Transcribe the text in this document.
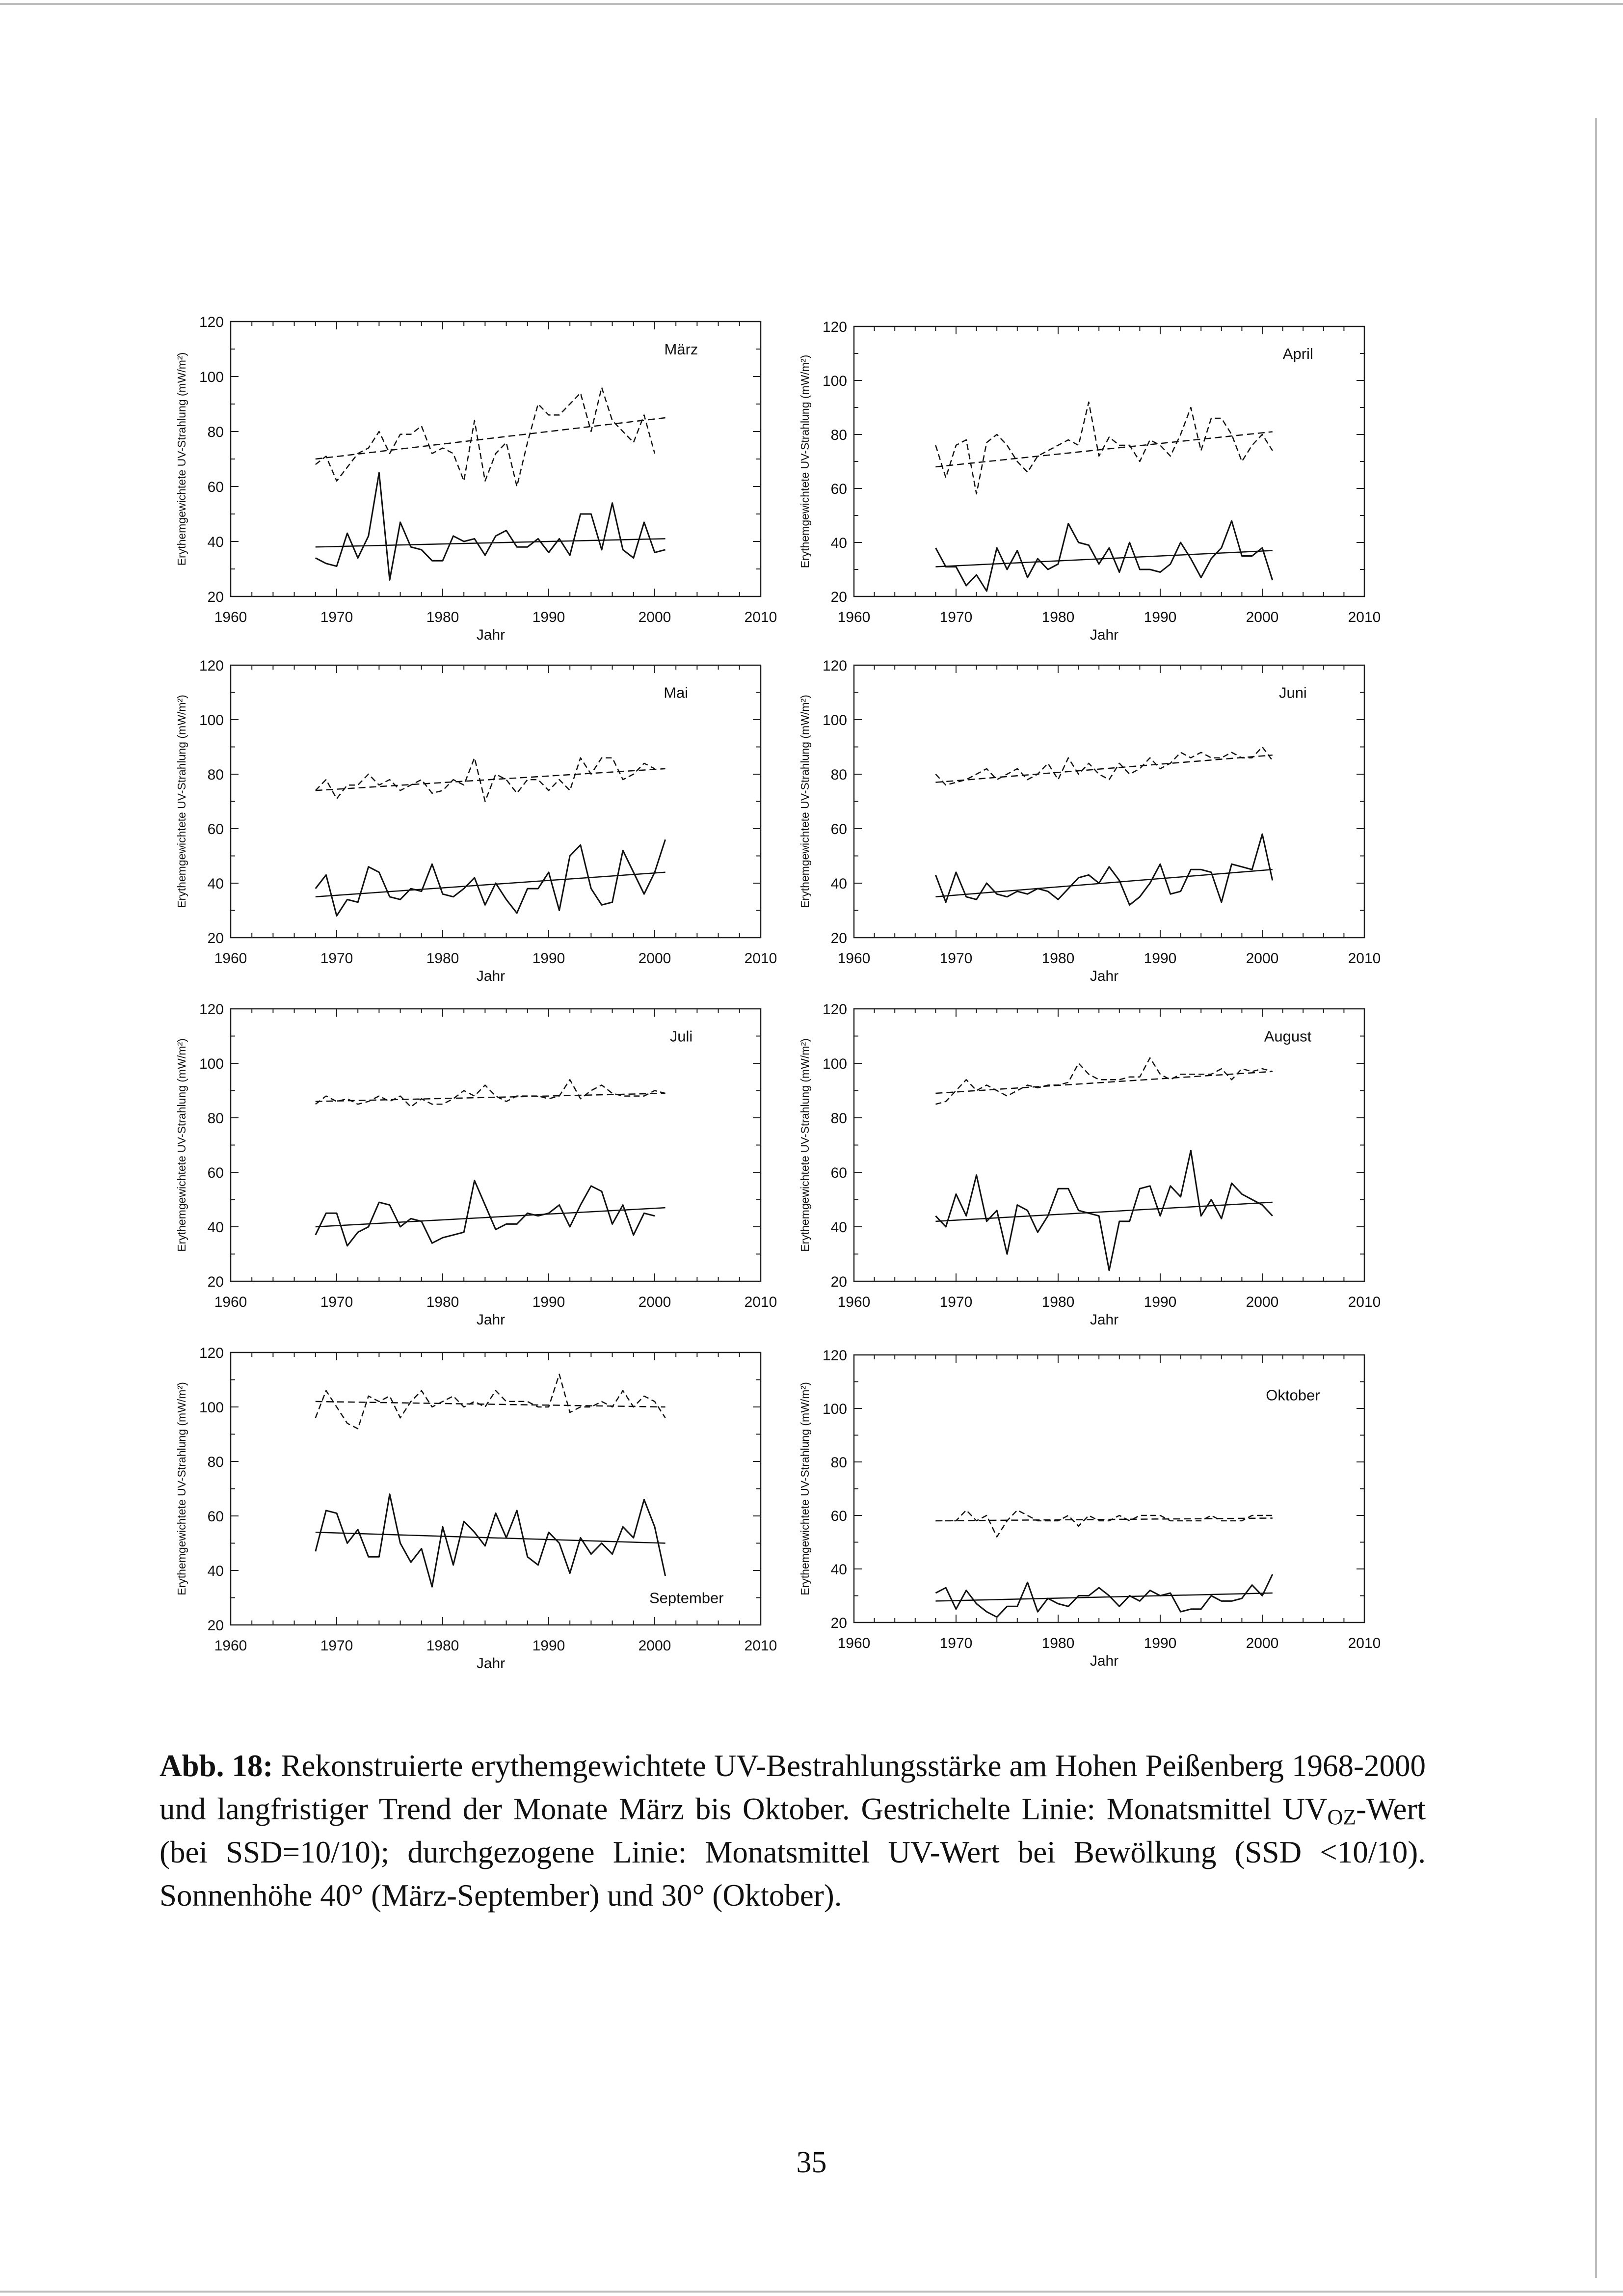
1960	1970	1980	1990	2000	2010
20
40
60
80
100
120
Jahr
Erythemgewichtete UV-Strahlung (mW/m²)
März
1960	1970	1980	1990	2000	2010
20
40
60
80
100
120
Jahr
Erythemgewichtete UV-Strahlung (mW/m²)
April
1960	1970	1980	1990	2000	2010
20
40
60
80
100
120
Jahr
Erythemgewichtete UV-Strahlung (mW/m²)
Mai
1960	1970	1980	1990	2000	2010
20
40
60
80
100
120
Jahr
Erythemgewichtete UV-Strahlung (mW/m²)
Juni
1960	1970	1980	1990	2000	2010
20
40
60
80
100
120
Jahr
Erythemgewichtete UV-Strahlung (mW/m²)
Juli
1960	1970	1980	1990	2000	2010
20
40
60
80
100
120
Jahr
Erythemgewichtete UV-Strahlung (mW/m²)
August
1960	1970	1980	1990	2000	2010
20
40
60
80
100
120
Jahr
Erythemgewichtete UV-Strahlung (mW/m²)
September
1960	1970	1980	1990	2000	2010
20
40
60
80
100
120
Jahr
Erythemgewichtete UV-Strahlung (mW/m²)	Oktober

Abb. 18: Rekonstruierte erythemgewichtete UV-Bestrahlungsstärke am Hohen Peißenberg 1968-2000 und langfristiger Trend der Monate März bis Oktober. Gestrichelte Linie: Monatsmittel $UV_{OZ}$-Wert (bei SSD=10/10); durchgezogene Linie: Monatsmittel UV-Wert bei Bewölkung (SSD <10/10). Sonnenhöhe 40° (März-September) und 30° (Oktober).

35
